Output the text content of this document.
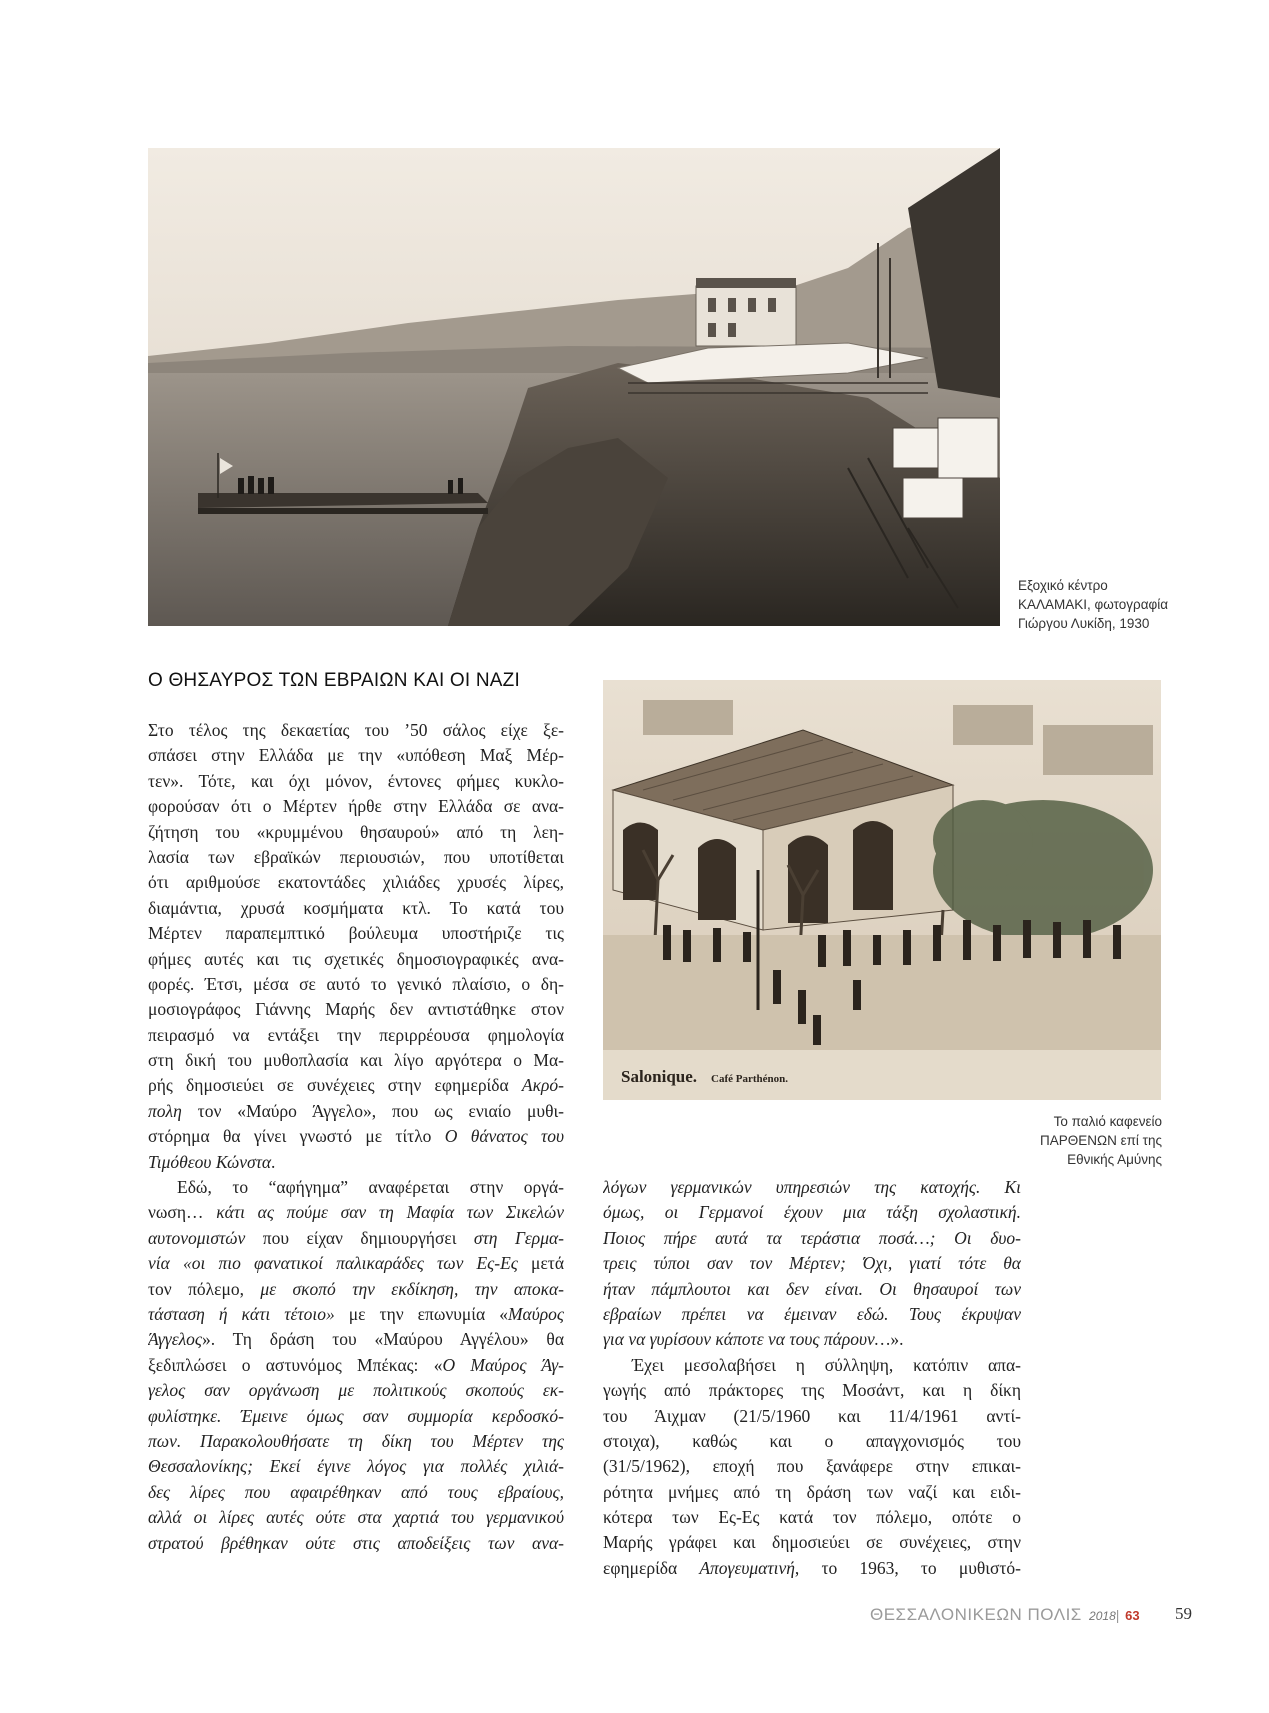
Εξοχικό κέντρο
ΚΑΛΑΜΑΚΙ, φωτογραφία
Γιώργου Λυκίδη, 1930
Ο ΘΗΣΑΥΡΟΣ ΤΩΝ ΕΒΡΑΙΩΝ ΚΑΙ ΟΙ ΝΑΖΙ
Salonique. Café Parthénon.
Το παλιό καφενείο
ΠΑΡΘΕΝΩΝ επί της
Εθνικής Αμύνης
Στο τέλος της δεκαετίας του ’50 σάλος είχε ξε-
σπάσει στην Ελλάδα με την «υπόθεση Μαξ Μέρ-
τεν». Τότε, και όχι μόνον, έντονες φήμες κυκλο-
φορούσαν ότι ο Μέρτεν ήρθε στην Ελλάδα σε ανα-
ζήτηση του «κρυμμένου θησαυρού» από τη λεη-
λασία των εβραϊκών περιουσιών, που υποτίθεται
ότι αριθμούσε εκατοντάδες χιλιάδες χρυσές λίρες,
διαμάντια, χρυσά κοσμήματα κτλ. Το κατά του
Μέρτεν παραπεμπτικό βούλευμα υποστήριζε τις
φήμες αυτές και τις σχετικές δημοσιογραφικές ανα-
φορές. Έτσι, μέσα σε αυτό το γενικό πλαίσιο, ο δη-
μοσιογράφος Γιάννης Μαρής δεν αντιστάθηκε στον
πειρασμό να εντάξει την περιρρέουσα φημολογία
στη δική του μυθοπλασία και λίγο αργότερα ο Μα-
ρής δημοσιεύει σε συνέχειες στην εφημερίδα Ακρό-
πολη τον «Μαύρο Άγγελο», που ως ενιαίο μυθι-
στόρημα θα γίνει γνωστό με τίτλο Ο θάνατος του
Τιμόθεου Κώνστα.
Εδώ, το “αφήγημα” αναφέρεται στην οργά-
νωση… κάτι ας πούμε σαν τη Μαφία των Σικελών
αυτονομιστών που είχαν δημιουργήσει στη Γερμα-
νία «οι πιο φανατικοί παλικαράδες των Ες-Ες μετά
τον πόλεμο, με σκοπό την εκδίκηση, την αποκα-
τάσταση ή κάτι τέτοιο» με την επωνυμία «Μαύρος
Άγγελος». Τη δράση του «Μαύρου Αγγέλου» θα
ξεδιπλώσει ο αστυνόμος Μπέκας: «Ο Μαύρος Άγ-
γελος σαν οργάνωση με πολιτικούς σκοπούς εκ-
φυλίστηκε. Έμεινε όμως σαν συμμορία κερδοσκό-
πων. Παρακολουθήσατε τη δίκη του Μέρτεν της
Θεσσαλονίκης; Εκεί έγινε λόγος για πολλές χιλιά-
δες λίρες που αφαιρέθηκαν από τους εβραίους,
αλλά οι λίρες αυτές ούτε στα χαρτιά του γερμανικού
στρατού βρέθηκαν ούτε στις αποδείξεις των ανα-
λόγων γερμανικών υπηρεσιών της κατοχής. Κι
όμως, οι Γερμανοί έχουν μια τάξη σχολαστική.
Ποιος πήρε αυτά τα τεράστια ποσά…; Οι δυο-
τρεις τύποι σαν τον Μέρτεν; Όχι, γιατί τότε θα
ήταν πάμπλουτοι και δεν είναι. Οι θησαυροί των
εβραίων πρέπει να έμειναν εδώ. Τους έκρυψαν
για να γυρίσουν κάποτε να τους πάρουν…».
Έχει μεσολαβήσει η σύλληψη, κατόπιν απα-
γωγής από πράκτορες της Μοσάντ, και η δίκη
του Άιχμαν (21/5/1960 και 11/4/1961 αντί-
στοιχα), καθώς και ο απαγχονισμός του
(31/5/1962), εποχή που ξανάφερε στην επικαι-
ρότητα μνήμες από τη δράση των ναζί και ειδι-
κότερα των Ες-Ες κατά τον πόλεμο, οπότε ο
Μαρής γράφει και δημοσιεύει σε συνέχειες, στην
εφημερίδα Απογευματινή, το 1963, το μυθιστό-
ΘΕΣΣΑΛΟΝΙΚΕΩΝ ΠΟΛΙΣ 2018| 63 59
